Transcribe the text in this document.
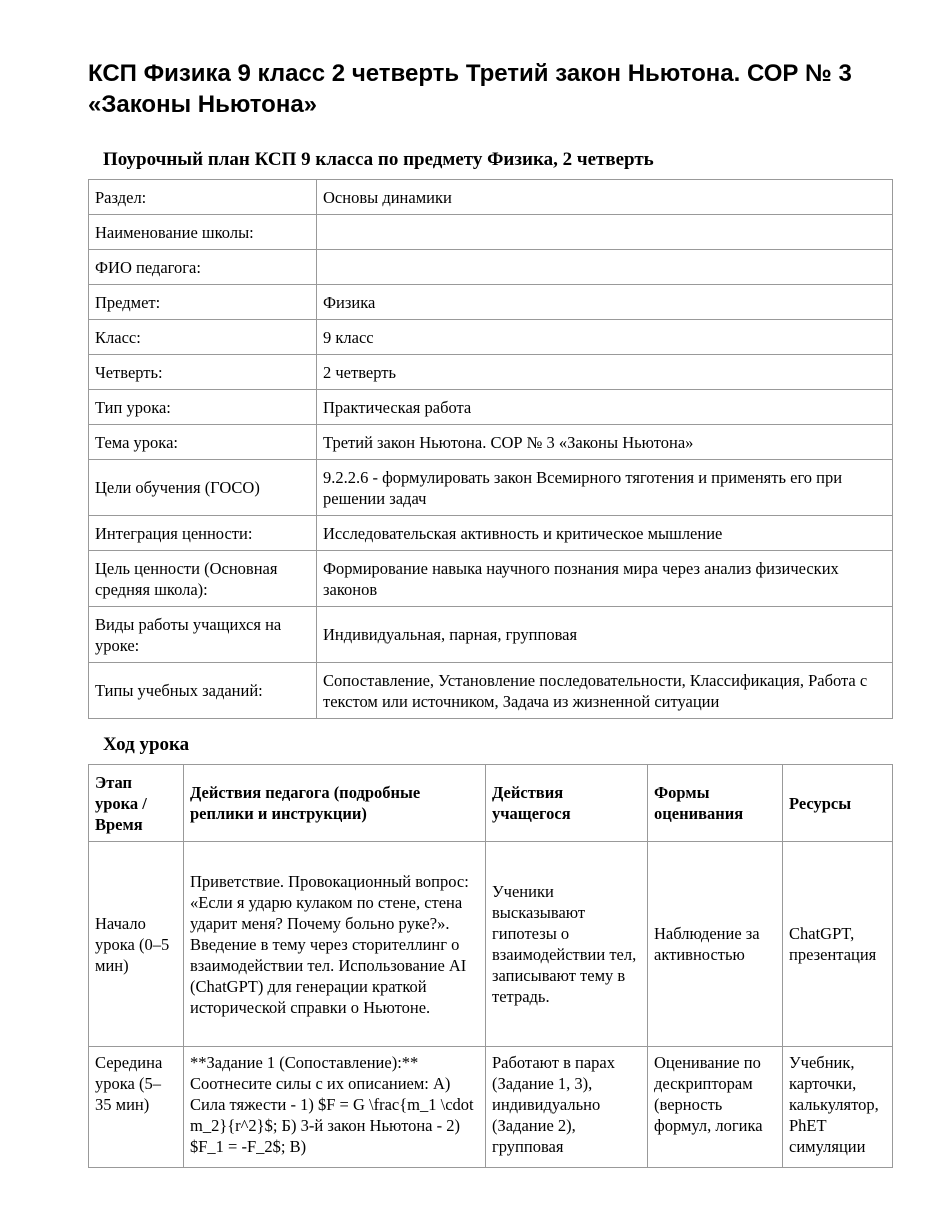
КСП Физика 9 класс 2 четверть Третий закон Ньютона. СОР № 3 «Законы Ньютона»
Поурочный план КСП 9 класса по предмету Физика, 2 четверть
Раздел:	Основы динамики
Наименование школы:	
ФИО педагога:	
Предмет:	Физика
Класс:	9 класс
Четверть:	2 четверть
Тип урока:	Практическая работа
Тема урока:	Третий закон Ньютона. СОР № 3 «Законы Ньютона»
Цели обучения (ГОСО)	9.2.2.6 - формулировать закон Всемирного тяготения и применять его при решении задач
Интеграция ценности:	Исследовательская активность и критическое мышление
Цель ценности (Основная средняя школа):	Формирование навыка научного познания мира через анализ физических законов
Виды работы учащихся на уроке:	Индивидуальная, парная, групповая
Типы учебных заданий:	Сопоставление, Установление последовательности, Классификация, Работа с текстом или источником, Задача из жизненной ситуации
Ход урока
Этап урока / Время	Действия педагога (подробные реплики и инструкции)	Действия учащегося	Формы оценивания	Ресурсы
Начало урока (0–5 мин)	Приветствие. Провокационный вопрос: «Если я ударю кулаком по стене, стена ударит меня? Почему больно руке?». Введение в тему через сторителлинг о взаимодействии тел. Использование AI (ChatGPT) для генерации краткой исторической справки о Ньютоне.	Ученики высказывают гипотезы о взаимодействии тел, записывают тему в тетрадь.	Наблюдение за активностью	ChatGPT, презентация
Середина урока (5–35 мин)	**Задание 1 (Сопоставление):** Соотнесите силы с их описанием: А) Сила тяжести - 1) $F = G \frac{m_1 \cdot m_2}{r^2}$; Б) 3-й закон Ньютона - 2) $F_1 = -F_2$; В)	Работают в парах (Задание 1, 3), индивидуально (Задание 2), групповая	Оценивание по дескрипторам (верность формул, логика	Учебник, карточки, калькулятор, PhET симуляции
